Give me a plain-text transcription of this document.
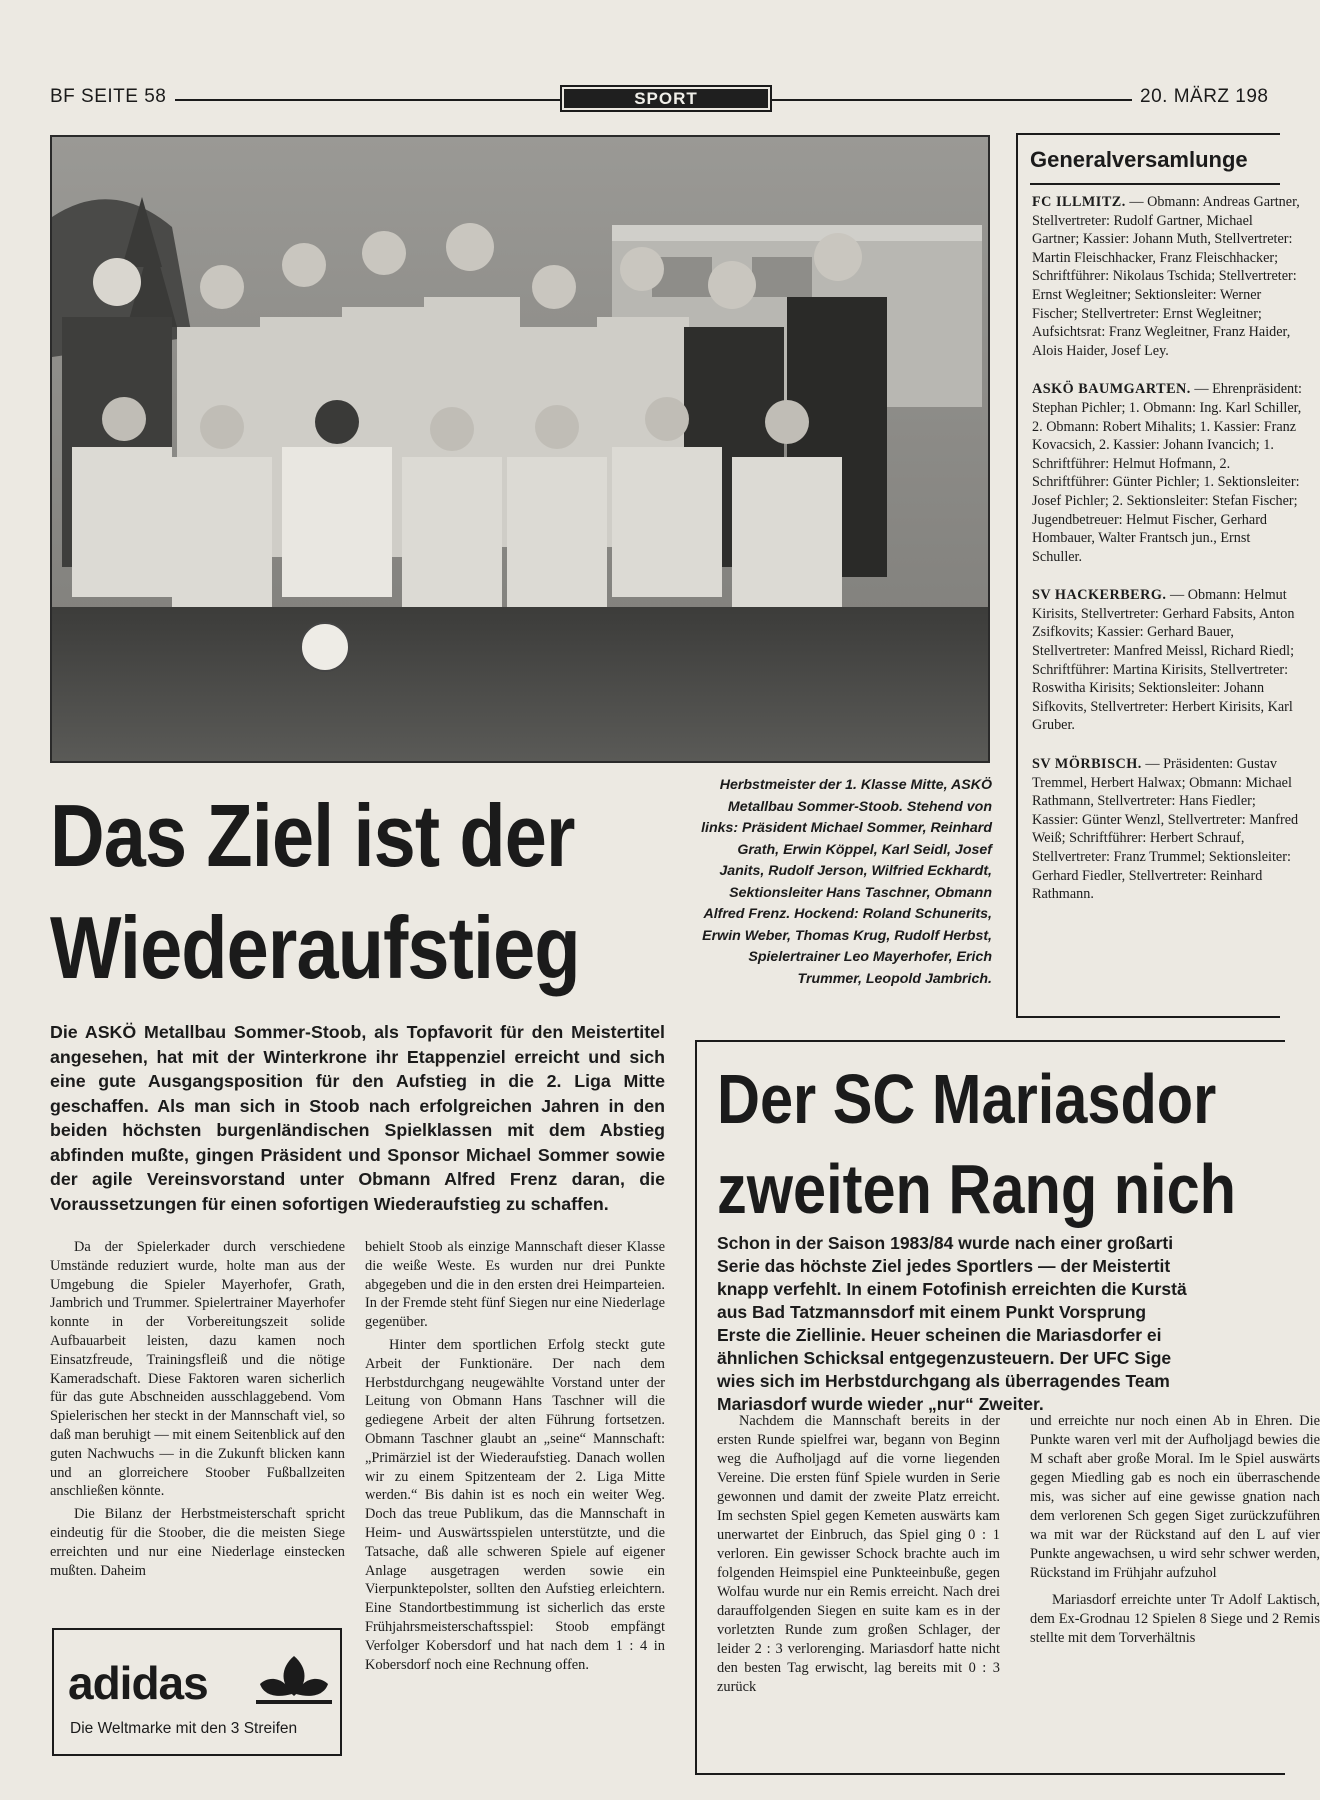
BF SEITE 58	SPORT	20. MÄRZ 198
Herbstmeister der 1. Klasse Mitte, ASKÖ Metallbau Sommer-Stoob. Stehend von links: Präsident Michael Sommer, Reinhard Grath, Erwin Köppel, Karl Seidl, Josef Janits, Rudolf Jerson, Wilfried Eckhardt, Sektionsleiter Hans Taschner, Obmann Alfred Frenz. Hockend: Roland Schunerits, Erwin Weber, Thomas Krug, Rudolf Herbst, Spielertrainer Leo Mayerhofer, Erich Trummer, Leopold Jambrich.
Das Ziel ist der
Wiederaufstieg
Die ASKÖ Metallbau Sommer-Stoob, als Topfavorit für den Meistertitel angesehen, hat mit der Winterkrone ihr Etappenziel erreicht und sich eine gute Ausgangsposition für den Aufstieg in die 2. Liga Mitte geschaffen. Als man sich in Stoob nach erfolgreichen Jahren in den beiden höchsten burgenländischen Spielklassen mit dem Abstieg abfinden mußte, gingen Präsident und Sponsor Michael Sommer sowie der agile Vereinsvorstand unter Obmann Alfred Frenz daran, die Voraussetzungen für einen sofortigen Wiederaufstieg zu schaffen.

Da der Spielerkader durch verschiedene Umstände reduziert wurde, holte man aus der Umgebung die Spieler Mayerhofer, Grath, Jambrich und Trummer. Spielertrainer Mayerhofer konnte in der Vorbereitungszeit solide Aufbauarbeit leisten, dazu kamen noch Einsatzfreude, Trainingsfleiß und die nötige Kameradschaft. Diese Faktoren waren sicherlich für das gute Abschneiden ausschlaggebend. Vom Spielerischen her steckt in der Mannschaft viel, so daß man beruhigt — mit einem Seitenblick auf den guten Nachwuchs — in die Zukunft blicken kann und an glorreichere Stoober Fußballzeiten anschließen könnte.

Die Bilanz der Herbstmeisterschaft spricht eindeutig für die Stoober, die die meisten Siege erreichten und nur eine Niederlage einstecken mußten. Daheim

behielt Stoob als einzige Mannschaft dieser Klasse die weiße Weste. Es wurden nur drei Punkte abgegeben und die in den ersten drei Heimparteien. In der Fremde steht fünf Siegen nur eine Niederlage gegenüber.

Hinter dem sportlichen Erfolg steckt gute Arbeit der Funktionäre. Der nach dem Herbstdurchgang neugewählte Vorstand unter der Leitung von Obmann Hans Taschner will die gediegene Arbeit der alten Führung fortsetzen. Obmann Taschner glaubt an „seine“ Mannschaft: „Primärziel ist der Wiederaufstieg. Danach wollen wir zu einem Spitzenteam der 2. Liga Mitte werden.“ Bis dahin ist es noch ein weiter Weg. Doch das treue Publikum, das die Mannschaft in Heim- und Auswärtsspielen unterstützte, und die Tatsache, daß alle schweren Spiele auf eigener Anlage ausgetragen werden sowie ein Vierpunktepolster, sollten den Aufstieg erleichtern. Eine Standortbestimmung ist sicherlich das erste Frühjahrsmeisterschaftsspiel: Stoob empfängt Verfolger Kobersdorf und hat nach dem 1 : 4 in Kobersdorf noch eine Rechnung offen.

adidas
Die Weltmarke mit den 3 Streifen
Generalversamlunge

FC ILLMITZ. — Obmann: Andreas Gartner, Stellvertreter: Rudolf Gartner, Michael Gartner; Kassier: Johann Muth, Stellvertreter: Martin Fleischhacker, Franz Fleischhacker; Schriftführer: Nikolaus Tschida; Stellvertreter: Ernst Wegleitner; Sektionsleiter: Werner Fischer; Stellvertreter: Ernst Wegleitner; Aufsichtsrat: Franz Wegleitner, Franz Haider, Alois Haider, Josef Ley.

ASKÖ BAUMGARTEN. — Ehrenpräsident: Stephan Pichler; 1. Obmann: Ing. Karl Schiller, 2. Obmann: Robert Mihalits; 1. Kassier: Franz Kovacsich, 2. Kassier: Johann Ivancich; 1. Schriftführer: Helmut Hofmann, 2. Schriftführer: Günter Pichler; 1. Sektionsleiter: Josef Pichler; 2. Sektionsleiter: Stefan Fischer; Jugendbetreuer: Helmut Fischer, Gerhard Hombauer, Walter Frantsch jun., Ernst Schuller.

SV HACKERBERG. — Obmann: Helmut Kirisits, Stellvertreter: Gerhard Fabsits, Anton Zsifkovits; Kassier: Gerhard Bauer, Stellvertreter: Manfred Meissl, Richard Riedl; Schriftführer: Martina Kirisits, Stellvertreter: Roswitha Kirisits; Sektionsleiter: Johann Sifkovits, Stellvertreter: Herbert Kirisits, Karl Gruber.

SV MÖRBISCH. — Präsidenten: Gustav Tremmel, Herbert Halwax; Obmann: Michael Rathmann, Stellvertreter: Hans Fiedler; Kassier: Günter Wenzl, Stellvertreter: Manfred Weiß; Schriftführer: Herbert Schrauf, Stellvertreter: Franz Trummel; Sektionsleiter: Gerhard Fiedler, Stellvertreter: Reinhard Rathmann.

Der SC Mariasdor
zweiten Rang nich
Schon in der Saison 1983/84 wurde nach einer großarti
Serie das höchste Ziel jedes Sportlers — der Meistertit
knapp verfehlt. In einem Fotofinish erreichten die Kurstä
aus Bad Tatzmannsdorf mit einem Punkt Vorsprung
Erste die Ziellinie. Heuer scheinen die Mariasdorfer ei
ähnlichen Schicksal entgegenzusteuern. Der UFC Sige
wies sich im Herbstdurchgang als überragendes Team
Mariasdorf wurde wieder „nur“ Zweiter.

Nachdem die Mannschaft bereits in der ersten Runde spielfrei war, begann von Beginn weg die Aufholjagd auf die vorne liegenden Vereine. Die ersten fünf Spiele wurden in Serie gewonnen und damit der zweite Platz erreicht. Im sechsten Spiel gegen Kemeten auswärts kam unerwartet der Einbruch, das Spiel ging 0 : 1 verloren. Ein gewisser Schock brachte auch im folgenden Heimspiel eine Punkteeinbuße, gegen Wolfau wurde nur ein Remis erreicht. Nach drei darauffolgenden Siegen en suite kam es in der vorletzten Runde zum großen Schlager, der leider 2 : 3 verlorenging. Mariasdorf hatte nicht den besten Tag erwischt, lag bereits mit 0 : 3 zurück

und erreichte nur noch einen Ab in Ehren. Die Punkte waren verl mit der Aufholjagd bewies die M schaft aber große Moral. Im le Spiel auswärts gegen Miedling gab es noch ein überraschende mis, was sicher auf eine gewisse gnation nach dem verlorenen Sch gegen Siget zurückzuführen wa mit war der Rückstand auf den L auf vier Punkte angewachsen, u wird sehr schwer werden, Rückstand im Frühjahr aufzuhol

Mariasdorf erreichte unter Tr Adolf Laktisch, dem Ex-Grodnau 12 Spielen 8 Siege und 2 Remis stellte mit dem Torverhältnis
